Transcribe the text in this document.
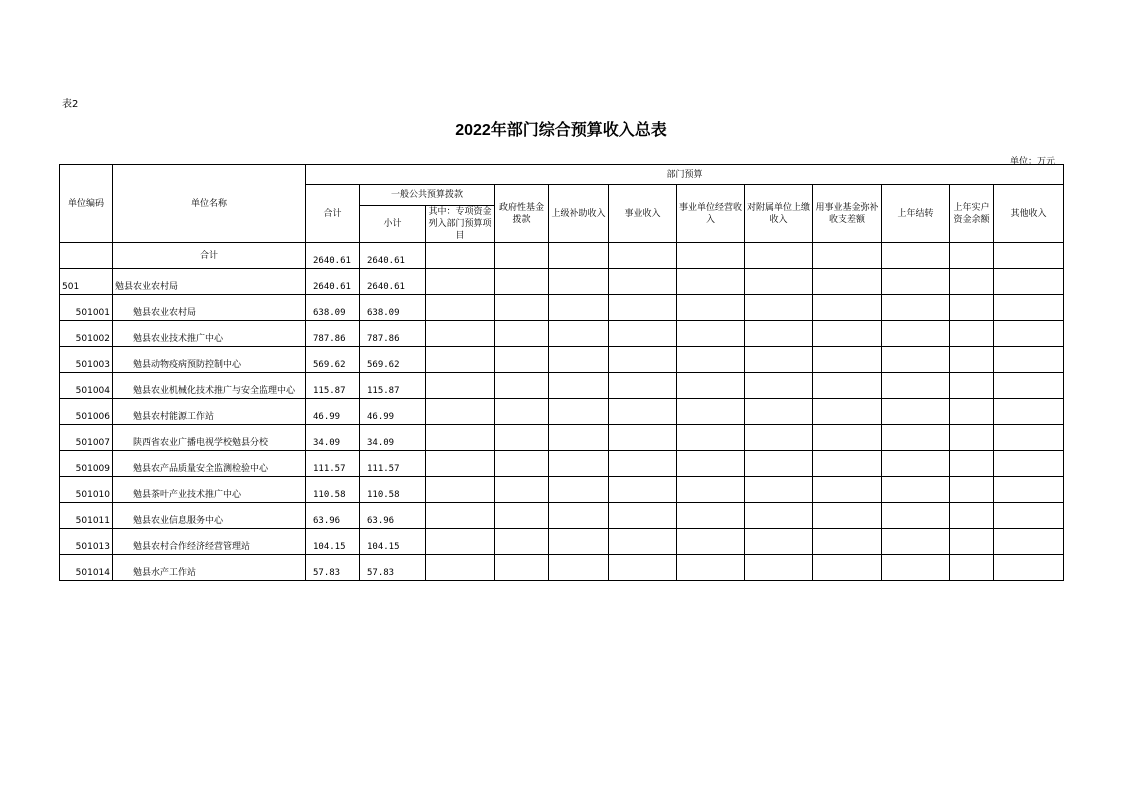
表2
2022年部门综合预算收入总表
单位：万元
单位编码	单位名称	部门预算											
		合计	一般公共预算拨款		政府性基金拨款	上级补助收入	事业收入	事业单位经营收入	对附属单位上缴收入	用事业基金弥补收支差额	上年结转	上年实户资金余额	其他收入
			小计	其中：专项资金列入部门预算项目									
	合计	2640.61	2640.61										
501	勉县农业农村局	2640.61	2640.61										
501001	勉县农业农村局	638.09	638.09										
501002	勉县农业技术推广中心	787.86	787.86										
501003	勉县动物疫病预防控制中心	569.62	569.62										
501004	勉县农业机械化技术推广与安全监理中心	115.87	115.87										
501006	勉县农村能源工作站	46.99	46.99										
501007	陕西省农业广播电视学校勉县分校	34.09	34.09										
501009	勉县农产品质量安全监测检验中心	111.57	111.57										
501010	勉县茶叶产业技术推广中心	110.58	110.58										
501011	勉县农业信息服务中心	63.96	63.96										
501013	勉县农村合作经济经营管理站	104.15	104.15										
501014	勉县水产工作站	57.83	57.83										
